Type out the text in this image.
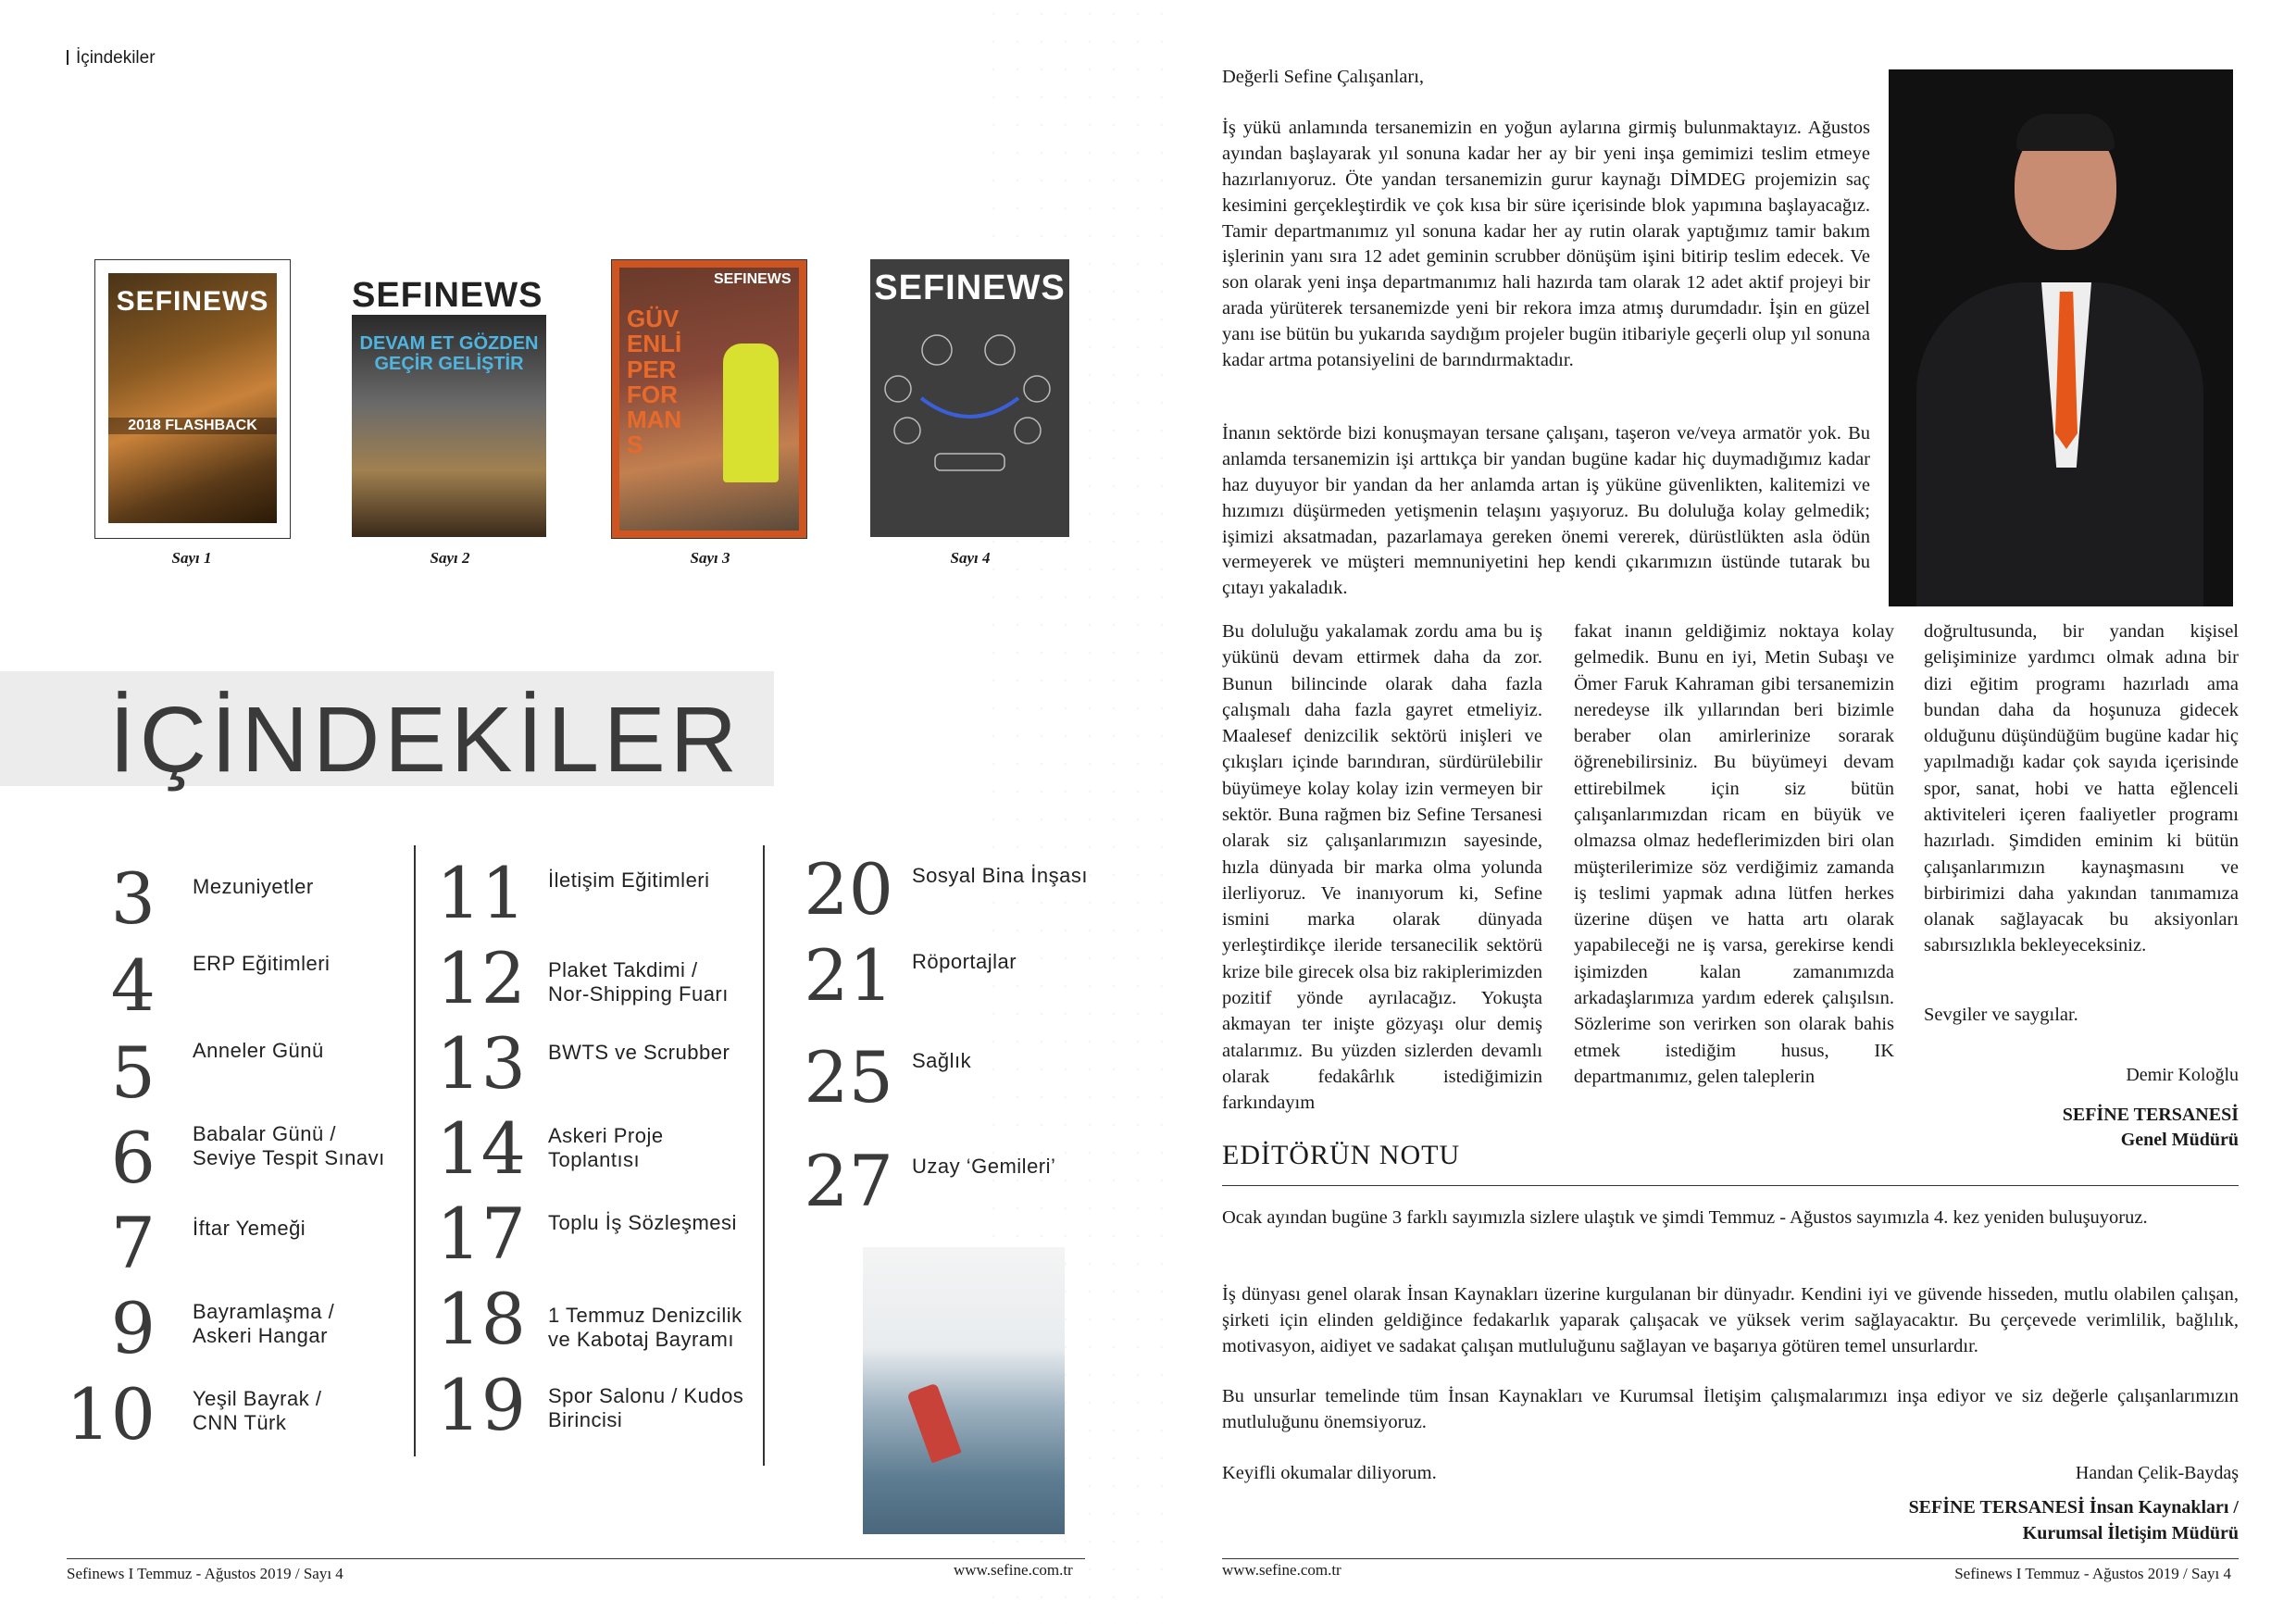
İçindekiler
SEFINEWS
2018 FLASHBACK
Sayı 1
SEFINEWS
DEVAM ET GÖZDEN GEÇİR GELİŞTİR
Sayı 2
SEFINEWS
GÜVENLİ PERFORMANS
Sayı 3
SEFINEWS
Sayı 4
İÇİNDEKİLER
3 Mezuniyetler
4 ERP Eğitimleri
5 Anneler Günü
6 Babalar Günü /
Seviye Tespit Sınavı
7 İftar Yemeği
9 Bayramlaşma /
Askeri Hangar
10 Yeşil Bayrak /
CNN Türk
11 İletişim Eğitimleri
12 Plaket Takdimi /
Nor-Shipping Fuarı
13 BWTS ve Scrubber
14 Askeri Proje
Toplantısı
17 Toplu İş Sözleşmesi
18 1 Temmuz Denizcilik
ve Kabotaj Bayramı
19 Spor Salonu / Kudos
Birincisi
20 Sosyal Bina İnşası
21 Röportajlar
25 Sağlık
27 Uzay ‘Gemileri’
Sefinews I Temmuz - Ağustos 2019 / Sayı 4	www.sefine.com.tr
Değerli Sefine Çalışanları,
İş yükü anlamında tersanemizin en yoğun aylarına girmiş bulunmaktayız. Ağustos ayından başlayarak yıl sonuna kadar her ay bir yeni inşa gemimizi teslim etmeye hazırlanıyoruz. Öte yandan tersanemizin gurur kaynağı DİMDEG projemizin saç kesimini gerçekleştirdik ve çok kısa bir süre içerisinde blok yapımına başlayacağız. Tamir departmanımız yıl sonuna kadar her ay rutin olarak yaptığımız tamir bakım işlerinin yanı sıra 12 adet geminin scrubber dönüşüm işini bitirip teslim edecek. Ve son olarak yeni inşa departmanımız hali hazırda tam olarak 12 adet aktif projeyi bir arada yürüterek tersanemizde yeni bir rekora imza atmış durumdadır. İşin en güzel yanı ise bütün bu yukarıda saydığım projeler bugün itibariyle geçerli olup yıl sonuna kadar artma potansiyelini de barındırmaktadır.
İnanın sektörde bizi konuşmayan tersane çalışanı, taşeron ve/veya armatör yok. Bu anlamda tersanemizin işi arttıkça bir yandan bugüne kadar hiç duymadığımız kadar haz duyuyor bir yandan da her anlamda artan iş yüküne güvenlikten, kalitemizi ve hızımızı düşürmeden yetişmenin telaşını yaşıyoruz. Bu doluluğa kolay gelmedik; işimizi aksatmadan, pazarlamaya gereken önemi vererek, dürüstlükten asla ödün vermeyerek ve müşteri memnuniyetini hep kendi çıkarımızın üstünde tutarak bu çıtayı yakaladık.
Bu doluluğu yakalamak zordu ama bu iş yükünü devam ettirmek daha da zor. Bunun bilincinde olarak daha fazla çalışmalı daha fazla gayret etmeliyiz. Maalesef denizcilik sektörü inişleri ve çıkışları içinde barındıran, sürdürülebilir büyümeye kolay kolay izin vermeyen bir sektör. Buna rağmen biz Sefine Tersanesi olarak siz çalışanlarımızın sayesinde, hızla dünyada bir marka olma yolunda ilerliyoruz. Ve inanıyorum ki, Sefine ismini marka olarak dünyada yerleştirdikçe ileride tersanecilik sektörü krize bile girecek olsa biz rakiplerimizden pozitif yönde ayrılacağız. Yokuşta akmayan ter inişte gözyaşı olur demiş atalarımız. Bu yüzden sizlerden devamlı olarak fedakârlık istediğimizin farkındayım
fakat inanın geldiğimiz noktaya kolay gelmedik. Bunu en iyi, Metin Subaşı ve Ömer Faruk Kahraman gibi tersanemizin neredeyse ilk yıllarından beri bizimle beraber olan amirlerinize sorarak öğrenebilirsiniz. Bu büyümeyi devam ettirebilmek için siz bütün çalışanlarımızdan ricam en büyük ve olmazsa olmaz hedeflerimizden biri olan müşterilerimize söz verdiğimiz zamanda iş teslimi yapmak adına lütfen herkes üzerine düşen ve hatta artı olarak yapabileceği ne iş varsa, gerekirse kendi işimizden kalan zamanımızda arkadaşlarımıza yardım ederek çalışılsın. Sözlerime son verirken son olarak bahis etmek istediğim husus, IK departmanımız, gelen taleplerin
doğrultusunda, bir yandan kişisel gelişiminize yardımcı olmak adına bir dizi eğitim programı hazırladı ama bundan daha da hoşunuza gidecek olduğunu düşündüğüm bugüne kadar hiç yapılmadığı kadar çok sayıda içerisinde spor, sanat, hobi ve hatta eğlenceli aktiviteleri içeren faaliyetler programı hazırladı. Şimdiden eminim ki bütün çalışanlarımızın kaynaşmasını ve birbirimizi daha yakından tanımamıza olanak sağlayacak bu aksiyonları sabırsızlıkla bekleyeceksiniz.
Sevgiler ve saygılar.
Demir Koloğlu
SEFİNE TERSANESİ
Genel Müdürü
EDİTÖRÜN NOTU
Ocak ayından bugüne 3 farklı sayımızla sizlere ulaştık ve şimdi Temmuz - Ağustos sayımızla 4. kez yeniden buluşuyoruz.
İş dünyası genel olarak İnsan Kaynakları üzerine kurgulanan bir dünyadır. Kendini iyi ve güvende hisseden, mutlu olabilen çalışan, şirketi için elinden geldiğince fedakarlık yaparak çalışacak ve yüksek verim sağlayacaktır. Bu çerçevede verimlilik, bağlılık, motivasyon, aidiyet ve sadakat çalışan mutluluğunu sağlayan ve başarıya götüren temel unsurlardır.
Bu unsurlar temelinde tüm İnsan Kaynakları ve Kurumsal İletişim çalışmalarımızı inşa ediyor ve siz değerle çalışanlarımızın mutluluğunu önemsiyoruz.
Keyifli okumalar diliyorum.	Handan Çelik-Baydaş
SEFİNE TERSANESİ İnsan Kaynakları /
Kurumsal İletişim Müdürü
www.sefine.com.tr	Sefinews I Temmuz - Ağustos 2019 / Sayı 4
